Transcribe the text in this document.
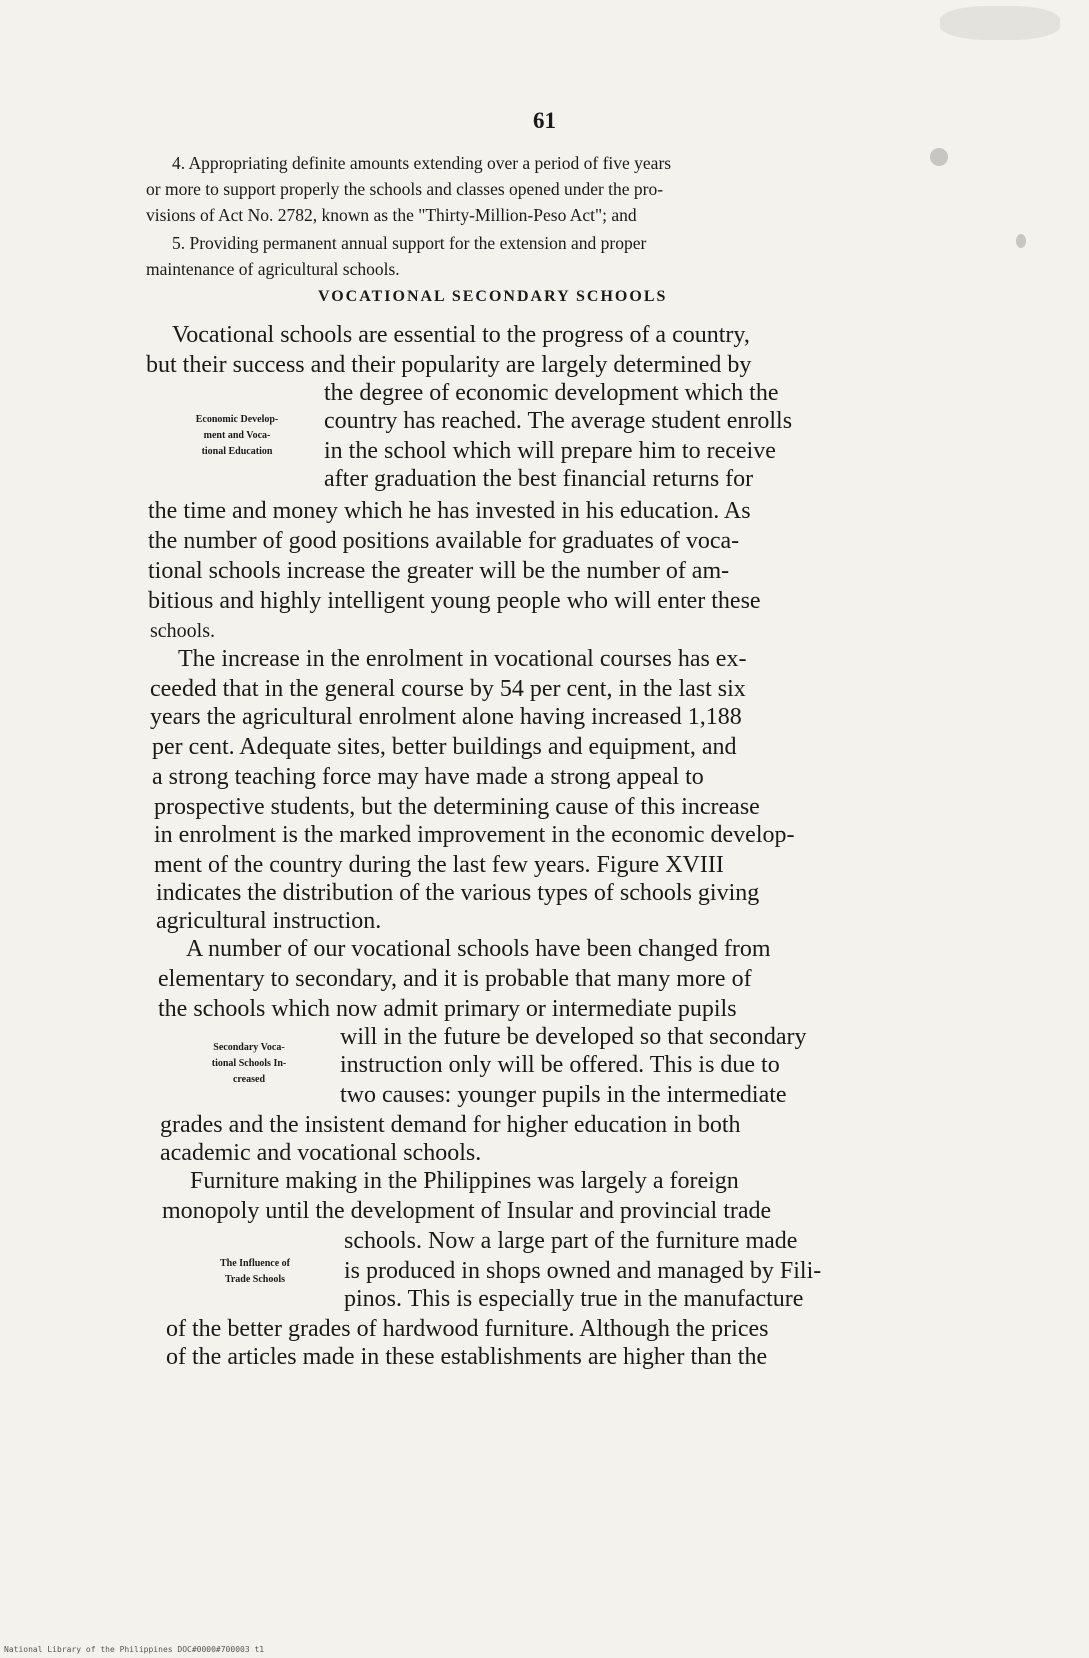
61
4. Appropriating definite amounts extending over a period of five years
or more to support properly the schools and classes opened under the pro-
visions of Act No. 2782, known as the "Thirty-Million-Peso Act"; and
5. Providing permanent annual support for the extension and proper
maintenance of agricultural schools.
VOCATIONAL SECONDARY SCHOOLS
Vocational schools are essential to the progress of a country,
but their success and their popularity are largely determined by
the degree of economic development which the
country has reached. The average student enrolls
in the school which will prepare him to receive
after graduation the best financial returns for
the time and money which he has invested in his education. As
the number of good positions available for graduates of voca-
tional schools increase the greater will be the number of am-
bitious and highly intelligent young people who will enter these
schools.
Economic Develop-
ment and Voca-
tional Education
The increase in the enrolment in vocational courses has ex-
ceeded that in the general course by 54 per cent, in the last six
years the agricultural enrolment alone having increased 1,188
per cent. Adequate sites, better buildings and equipment, and
a strong teaching force may have made a strong appeal to
prospective students, but the determining cause of this increase
in enrolment is the marked improvement in the economic develop-
ment of the country during the last few years. Figure XVIII
indicates the distribution of the various types of schools giving
agricultural instruction.
A number of our vocational schools have been changed from
elementary to secondary, and it is probable that many more of
the schools which now admit primary or intermediate pupils
will in the future be developed so that secondary
instruction only will be offered. This is due to
two causes: younger pupils in the intermediate
grades and the insistent demand for higher education in both
academic and vocational schools.
Secondary Voca-
tional Schools In-
creased
Furniture making in the Philippines was largely a foreign
monopoly until the development of Insular and provincial trade
schools. Now a large part of the furniture made
is produced in shops owned and managed by Fili-
pinos. This is especially true in the manufacture
of the better grades of hardwood furniture. Although the prices
of the articles made in these establishments are higher than the
The Influence of
Trade Schools
National Library of the Philippines DOC#0000#700003 t1
